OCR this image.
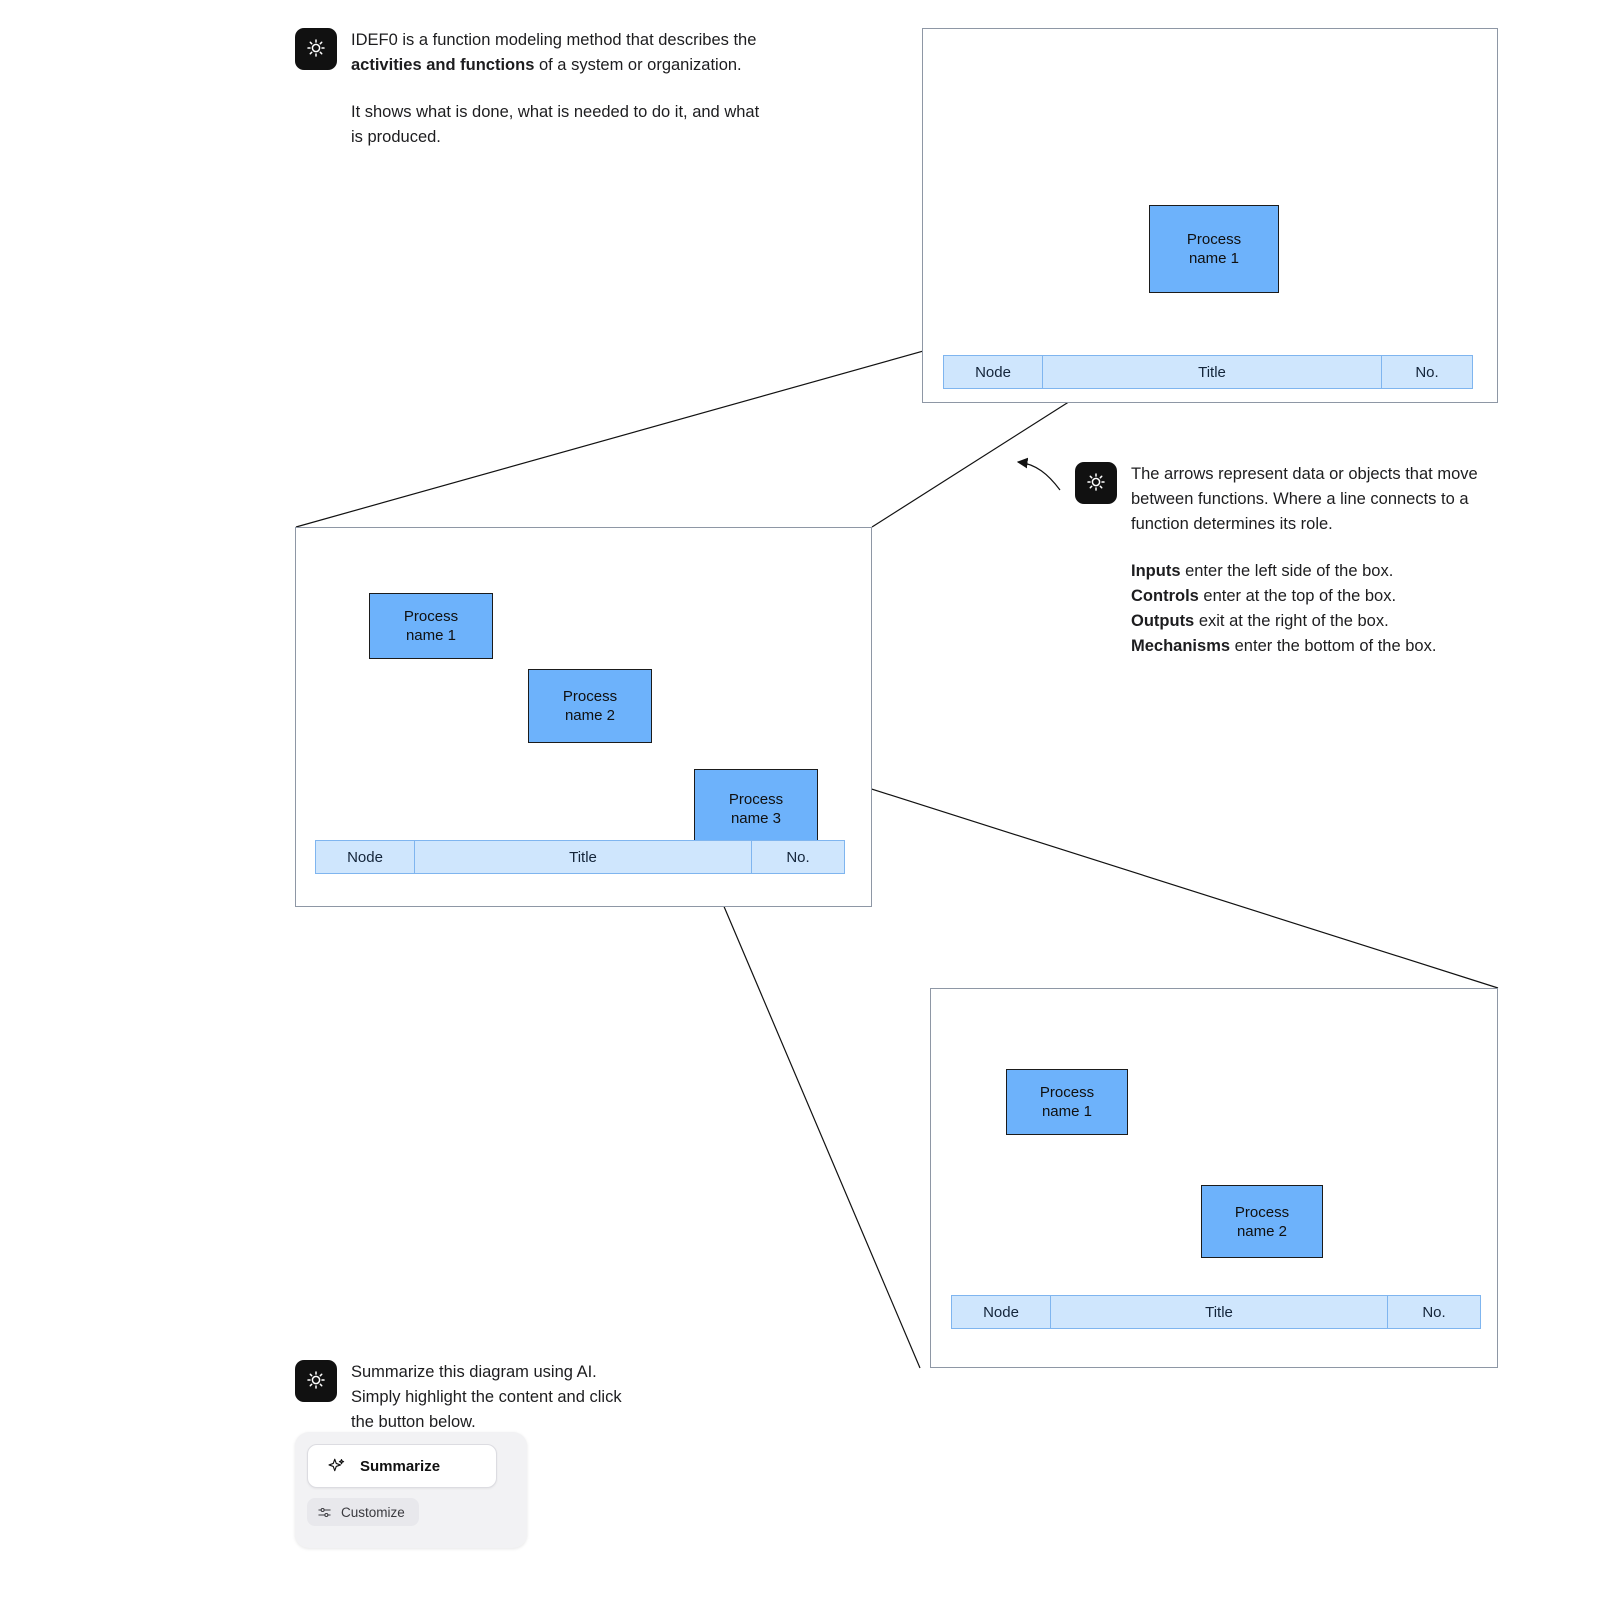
IDEF0 is a function modeling method that describes the activities and functions of a system or organization.

It shows what is done, what is needed to do it, and what is produced.

The arrows represent data or objects that move between functions. Where a line connects to a function determines its role.

Inputs enter the left side of the box.
Controls enter at the top of the box.
Outputs exit at the right of the box.
Mechanisms enter the bottom of the box.

Summarize this diagram using AI.

Simply highlight the content and click

the button below.

Summarize
Customize
Process
name 1
Node	Title	No.
Process
name 1
Process
name 2
Process
name 3
Node	Title	No.
Process
name 1
Process
name 2
Node	Title	No.
